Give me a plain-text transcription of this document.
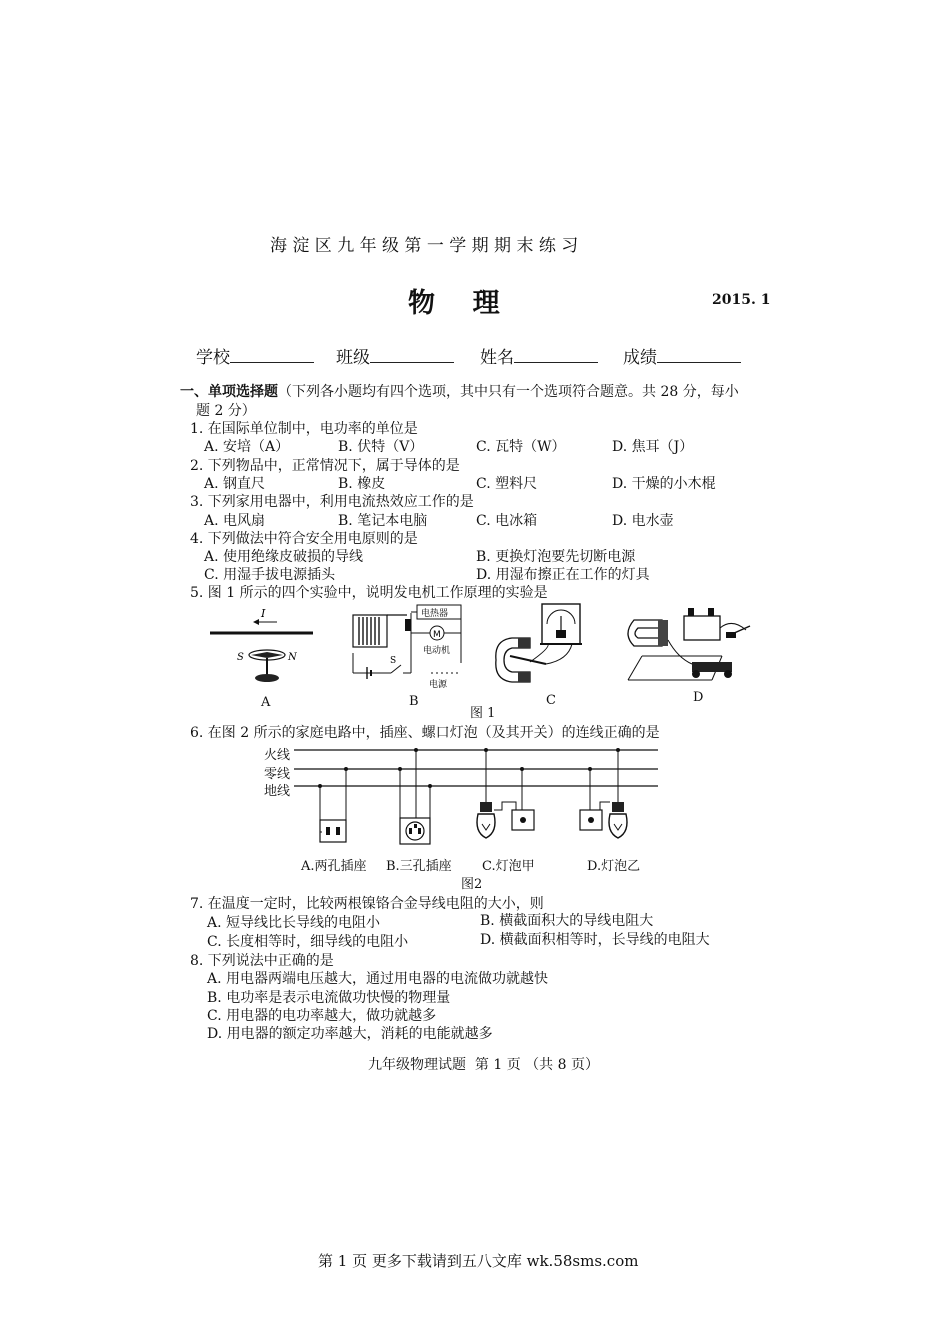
海 淀 区 九 年 级 第 一 学 期 期 末 练 习
物    理	2015. 1
学校	班级	姓名	成绩
一、单项选择题（下列各小题均有四个选项，其中只有一个选项符合题意。共 28 分，每小
题 2 分）
1. 在国际单位制中，电功率的单位是
A. 安培（A）	B. 伏特（V）	C. 瓦特（W）	D. 焦耳（J）
2. 下列物品中，正常情况下，属于导体的是
A. 钢直尺	B. 橡皮	C. 塑料尺	D. 干燥的小木棍
3. 下列家用电器中，利用电流热效应工作的是
A. 电风扇	B. 笔记本电脑	C. 电冰箱	D. 电水壶
4. 下列做法中符合安全用电原则的是
A. 使用绝缘皮破损的导线	B. 更换灯泡要先切断电源
C. 用湿手拔电源插头	D. 用湿布擦正在工作的灯具
5. 图 1 所示的四个实验中，说明发电机工作原理的实验是
I
S	N
电热器
M
电动机
S
电源
A	B	C	D
图 1
6. 在图 2 所示的家庭电路中，插座、螺口灯泡（及其开关）的连线正确的是
火线
零线
地线
A.两孔插座 B.三孔插座 C.灯泡甲	D.灯泡乙
图2
7. 在温度一定时，比较两根镍铬合金导线电阻的大小，则
A. 短导线比长导线的电阻小	B. 横截面积大的导线电阻大
C. 长度相等时，细导线的电阻小	D. 横截面积相等时，长导线的电阻大
8. 下列说法中正确的是
A. 用电器两端电压越大，通过用电器的电流做功就越快
B. 电功率是表示电流做功快慢的物理量
C. 用电器的电功率越大，做功就越多
D. 用电器的额定功率越大，消耗的电能就越多
九年级物理试题  第 1 页 （共 8 页）
第 1 页 更多下载请到五八文库 wk.58sms.com
